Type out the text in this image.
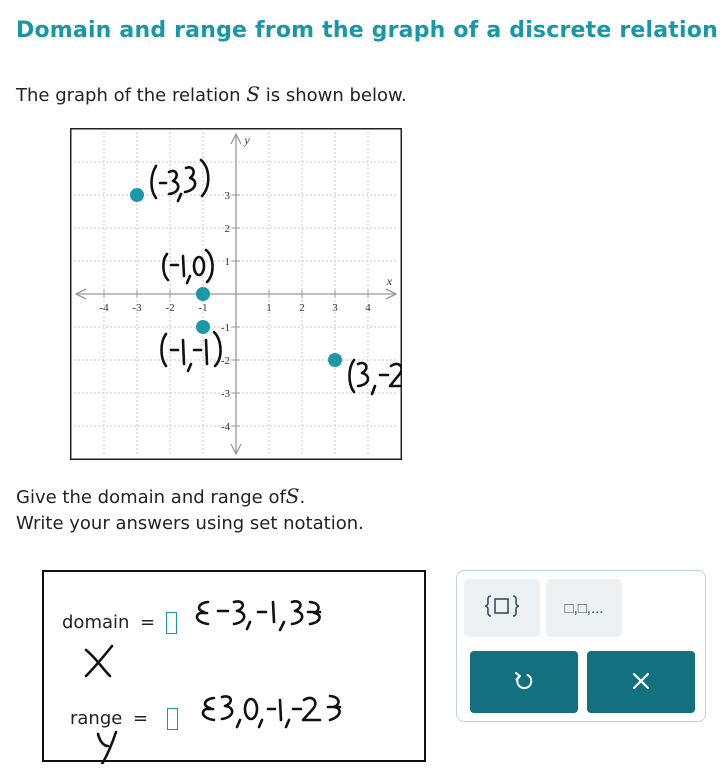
Domain and range from the graph of a discrete relation
The graph of the relation S is shown below.
-4 -3 -2 -1	1	2	3	4
3
2
1
-1
-2
-3
-4
x
y
Give the domain and range ofS.
Write your answers using set notation.
domain =
range =
□,□,...
